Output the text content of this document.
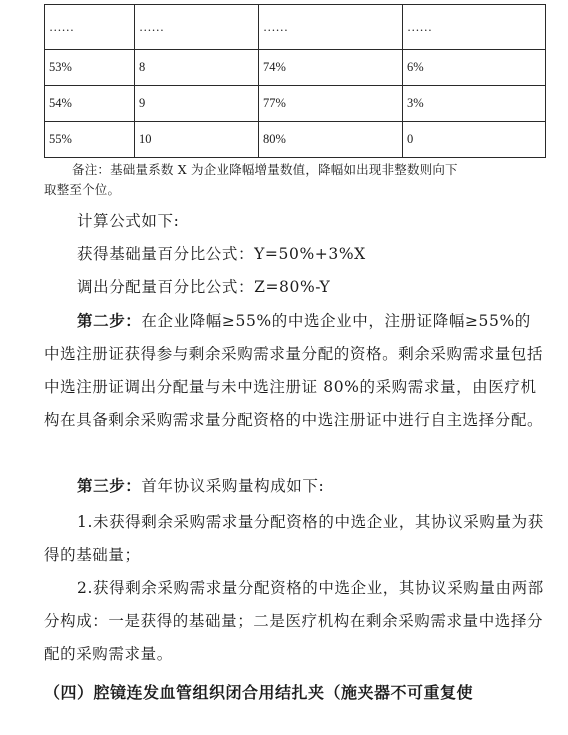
……	……	……	……
53%	8	74%	6%
54%	9	77%	3%
55%	10	80%	0
备注：基础量系数 X 为企业降幅增量数值，降幅如出现非整数则向下
取整至个位。
计算公式如下:
获得基础量百分比公式：Y=50%+3%X
调出分配量百分比公式：Z=80%-Y
第二步：在企业降幅≥55%的中选企业中，注册证降幅≥55%的中选注册证获得参与剩余采购需求量分配的资格。剩余采购需求量包括中选注册证调出分配量与未中选注册证 80%的采购需求量，由医疗机构在具备剩余采购需求量分配资格的中选注册证中进行自主选择分配。
第三步：首年协议采购量构成如下:
1.未获得剩余采购需求量分配资格的中选企业，其协议采购量为获得的基础量；
2.获得剩余采购需求量分配资格的中选企业，其协议采购量由两部分构成：一是获得的基础量；二是医疗机构在剩余采购需求量中选择分配的采购需求量。
（四）腔镜连发血管组织闭合用结扎夹（施夹器不可重复使
